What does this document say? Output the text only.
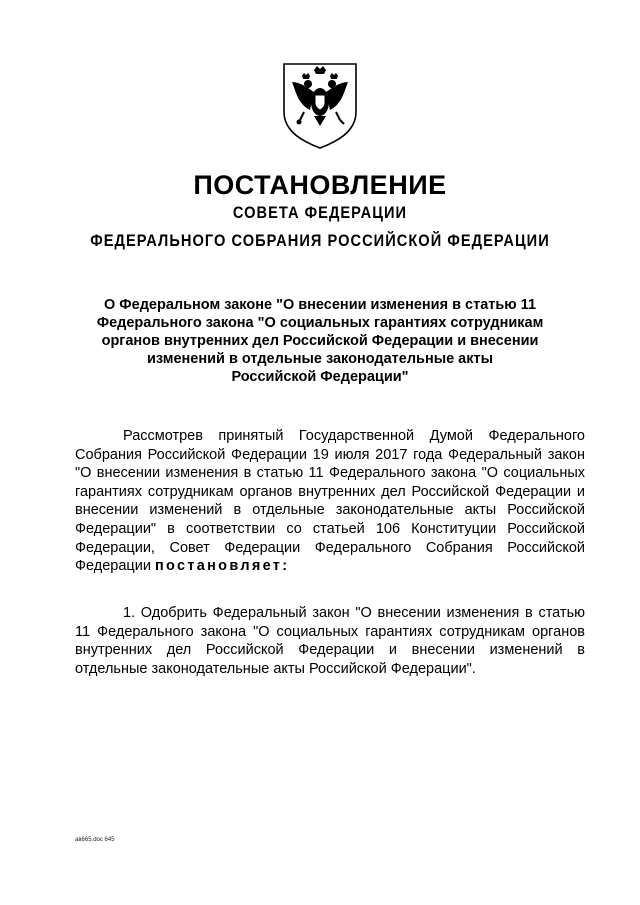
ПОСТАНОВЛЕНИЕ
СОВЕТА ФЕДЕРАЦИИ
ФЕДЕРАЛЬНОГО СОБРАНИЯ РОССИЙСКОЙ ФЕДЕРАЦИИ
О Федеральном законе "О внесении изменения в статью 11
Федерального закона "О социальных гарантиях сотрудникам
органов внутренних дел Российской Федерации и внесении
изменений в отдельные законодательные акты
Российской Федерации"

Рассмотрев принятый Государственной Думой Федерального Собрания Российской Федерации 19 июля 2017 года Федеральный закон "О внесении изменения в статью 11 Федерального закона "О социальных гарантиях сотрудникам органов внутренних дел Российской Федерации и внесении изменений в отдельные законодательные акты Российской Федерации" в соответствии со статьей 106 Конституции Российской Федерации, Совет Федерации Федерального Собрания Российской Федерации постановляет:

1. Одобрить Федеральный закон "О внесении изменения в статью 11 Федерального закона "О социальных гарантиях сотрудникам органов внутренних дел Российской Федерации и внесении изменений в отдельные законодательные акты Российской Федерации".

ав665.doc 645
